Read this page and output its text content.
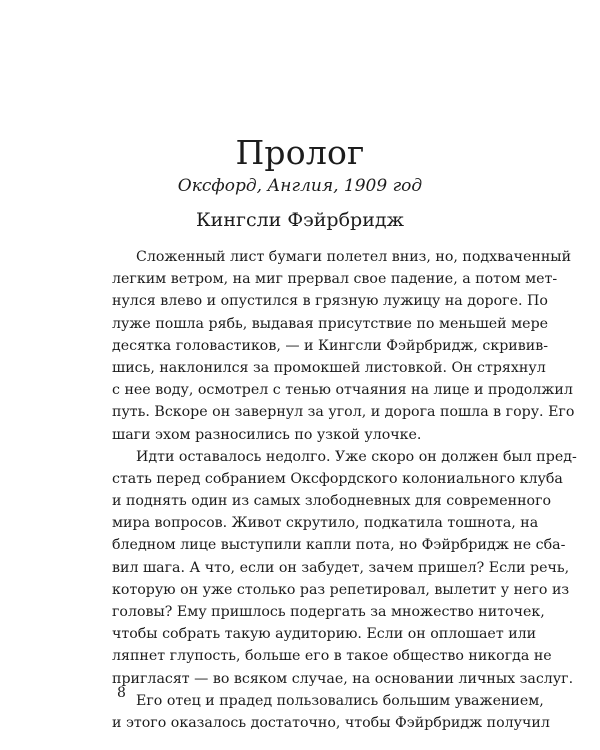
Пролог
Оксфорд, Англия, 1909 год
Кингсли Фэйрбридж
Сложенный лист бумаги полетел вниз, но, подхваченный
легким ветром, на миг прервал свое падение, а потом мет-
нулся влево и опустился в грязную лужицу на дороге. По
луже пошла рябь, выдавая присутствие по меньшей мере
десятка головастиков, — и Кингсли Фэйрбридж, скривив-
шись, наклонился за промокшей листовкой. Он стряхнул
с нее воду, осмотрел с тенью отчаяния на лице и продолжил
путь. Вскоре он завернул за угол, и дорога пошла в гору. Его
шаги эхом разносились по узкой улочке.
Идти оставалось недолго. Уже скоро он должен был пред-
стать перед собранием Оксфордского колониального клуба
и поднять один из самых злободневных для современного
мира вопросов. Живот скрутило, подкатила тошнота, на
бледном лице выступили капли пота, но Фэйрбридж не сба-
вил шага. А что, если он забудет, зачем пришел? Если речь,
которую он уже столько раз репетировал, вылетит у него из
головы? Ему пришлось подергать за множество ниточек,
чтобы собрать такую аудиторию. Если он оплошает или
ляпнет глупость, больше его в такое общество никогда не
пригласят — во всяком случае, на основании личных заслуг.
Его отец и прадед пользовались большим уважением,
и этого оказалось достаточно, чтобы Фэйрбридж получил
8
